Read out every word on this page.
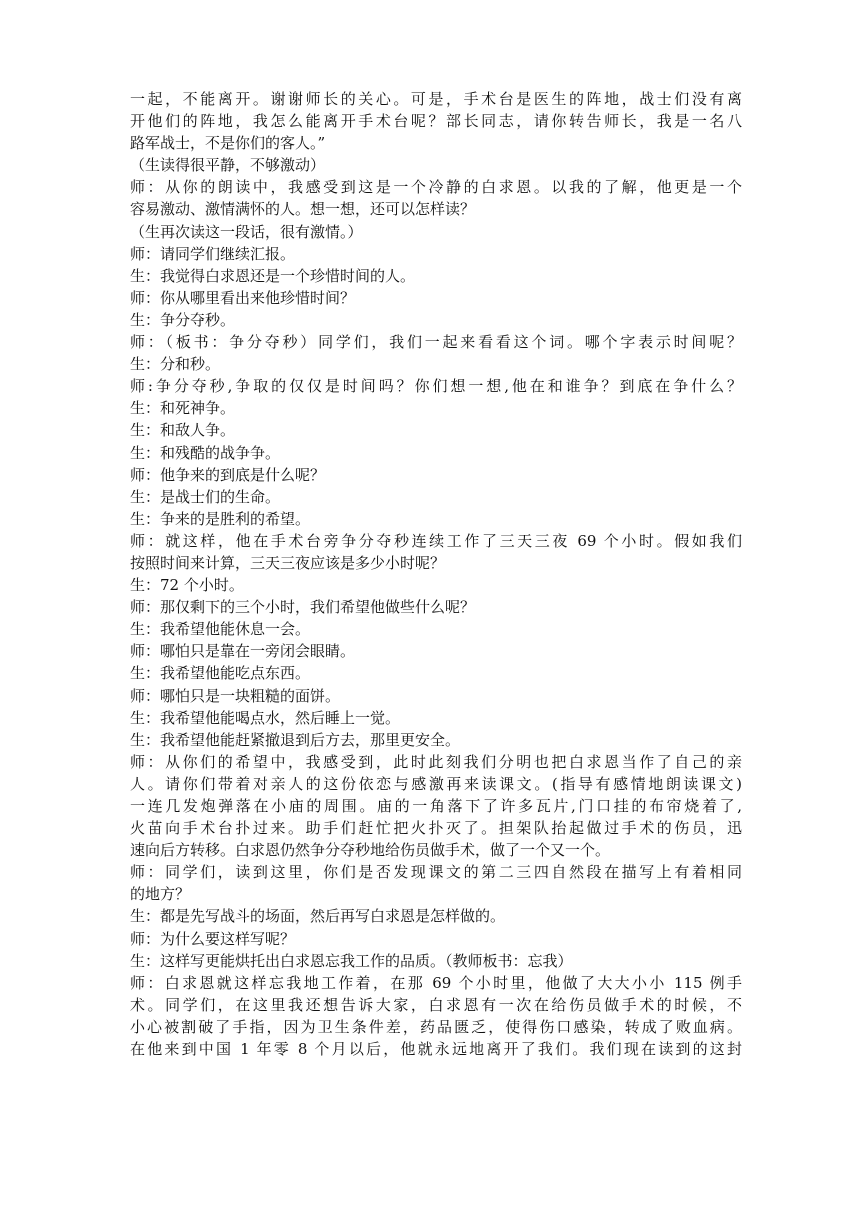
一起，不能离开。谢谢师长的关心。可是，手术台是医生的阵地，战士们没有离
开他们的阵地，我怎么能离开手术台呢？部长同志，请你转告师长，我是一名八
路军战士，不是你们的客人。”
（生读得很平静，不够激动）
师：从你的朗读中，我感受到这是一个冷静的白求恩。以我的了解，他更是一个
容易激动、激情满怀的人。想一想，还可以怎样读？
（生再次读这一段话，很有激情。）
师：请同学们继续汇报。
生：我觉得白求恩还是一个珍惜时间的人。
师：你从哪里看出来他珍惜时间？
生：争分夺秒。
师：（板书：争分夺秒）同学们，我们一起来看看这个词。哪个字表示时间呢？
生：分和秒。
师:争分夺秒,争取的仅仅是时间吗？你们想一想,他在和谁争？到底在争什么？
生：和死神争。
生：和敌人争。
生：和残酷的战争争。
师：他争来的到底是什么呢？
生：是战士们的生命。
生：争来的是胜利的希望。
师：就这样，他在手术台旁争分夺秒连续工作了三天三夜 69 个小时。假如我们
按照时间来计算，三天三夜应该是多少小时呢？
生：72 个小时。
师：那仅剩下的三个小时，我们希望他做些什么呢？
生：我希望他能休息一会。
师：哪怕只是靠在一旁闭会眼睛。
生：我希望他能吃点东西。
师：哪怕只是一块粗糙的面饼。
生：我希望他能喝点水，然后睡上一觉。
生：我希望他能赶紧撤退到后方去，那里更安全。
师：从你们的希望中，我感受到，此时此刻我们分明也把白求恩当作了自己的亲
人。请你们带着对亲人的这份依恋与感激再来读课文。(指导有感情地朗读课文)
一连几发炮弹落在小庙的周围。庙的一角落下了许多瓦片,门口挂的布帘烧着了,
火苗向手术台扑过来。助手们赶忙把火扑灭了。担架队抬起做过手术的伤员，迅
速向后方转移。白求恩仍然争分夺秒地给伤员做手术，做了一个又一个。
师：同学们，读到这里，你们是否发现课文的第二三四自然段在描写上有着相同
的地方？
生：都是先写战斗的场面，然后再写白求恩是怎样做的。
师：为什么要这样写呢？
生：这样写更能烘托出白求恩忘我工作的品质。（教师板书：忘我）
师：白求恩就这样忘我地工作着，在那 69 个小时里，他做了大大小小 115 例手
术。同学们，在这里我还想告诉大家，白求恩有一次在给伤员做手术的时候，不
小心被割破了手指，因为卫生条件差，药品匮乏，使得伤口感染，转成了败血病。
在他来到中国 1 年零 8 个月以后，他就永远地离开了我们。我们现在读到的这封
